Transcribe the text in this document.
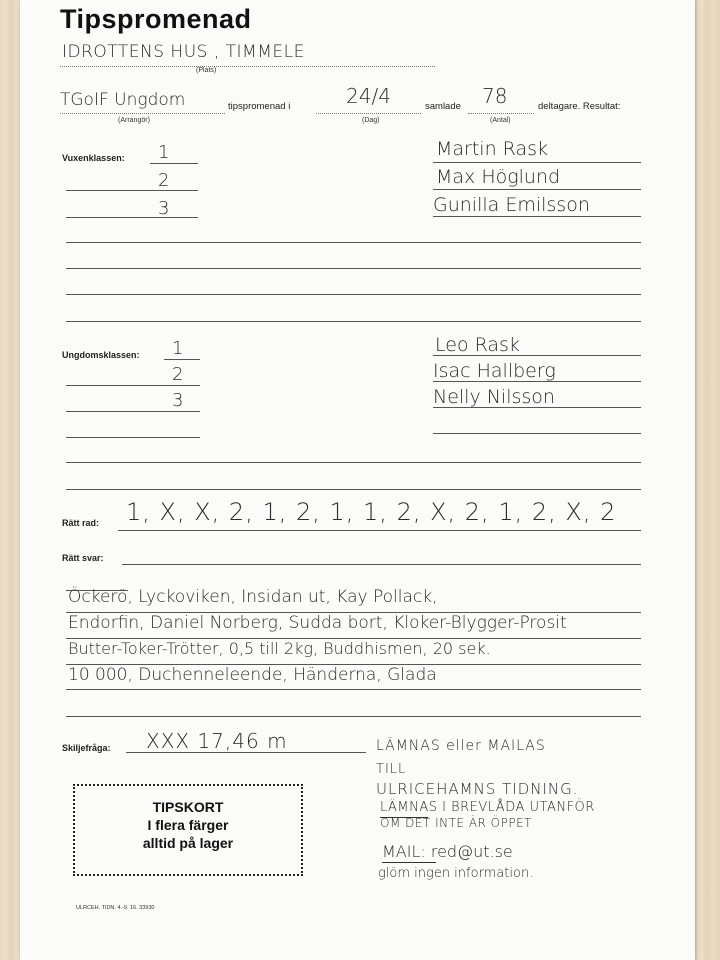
Tipspromenad
IDROTTENS HUS , TIMMELE
(Plats)
TGoIF Ungdom
(Arrangör)
tipspromenad i	24/4
(Dag)
samlade 78
(Antal)
deltagare. Resultat:
Vuxenklassen: 1
2
3
Martin Rask
Max Höglund
Gunilla Emilsson
Ungdomsklassen: 1
2
3
Leo Rask
Isac Hallberg
Nelly Nilsson
Rätt rad: 1, X, X, 2, 1, 2, 1, 1, 2, X, 2, 1, 2, X, 2
Rätt svar:
Öckerö, Lyckoviken, Insidan ut, Kay Pollack,
Endorfin, Daniel Norberg, Sudda bort, Kloker-Blygger-Prosit
Butter-Toker-Trötter, 0,5 till 2kg, Buddhismen, 20 sek.
10 000, Duchenneleende, Händerna, Glada
Skiljefråga: XXX 17,46 m	LÄMNAS eller MAILAS
TILL
ULRICEHAMNS TIDNING.
LÄMNAS I BREVLÅDA UTANFÖR
OM DET INTE ÄR ÖPPET
MAIL: red@ut.se
glöm ingen information.
TIPSKORT
I flera färger
alltid på lager
ULRCEH. TIDN. 4.-9. 16. 33930
